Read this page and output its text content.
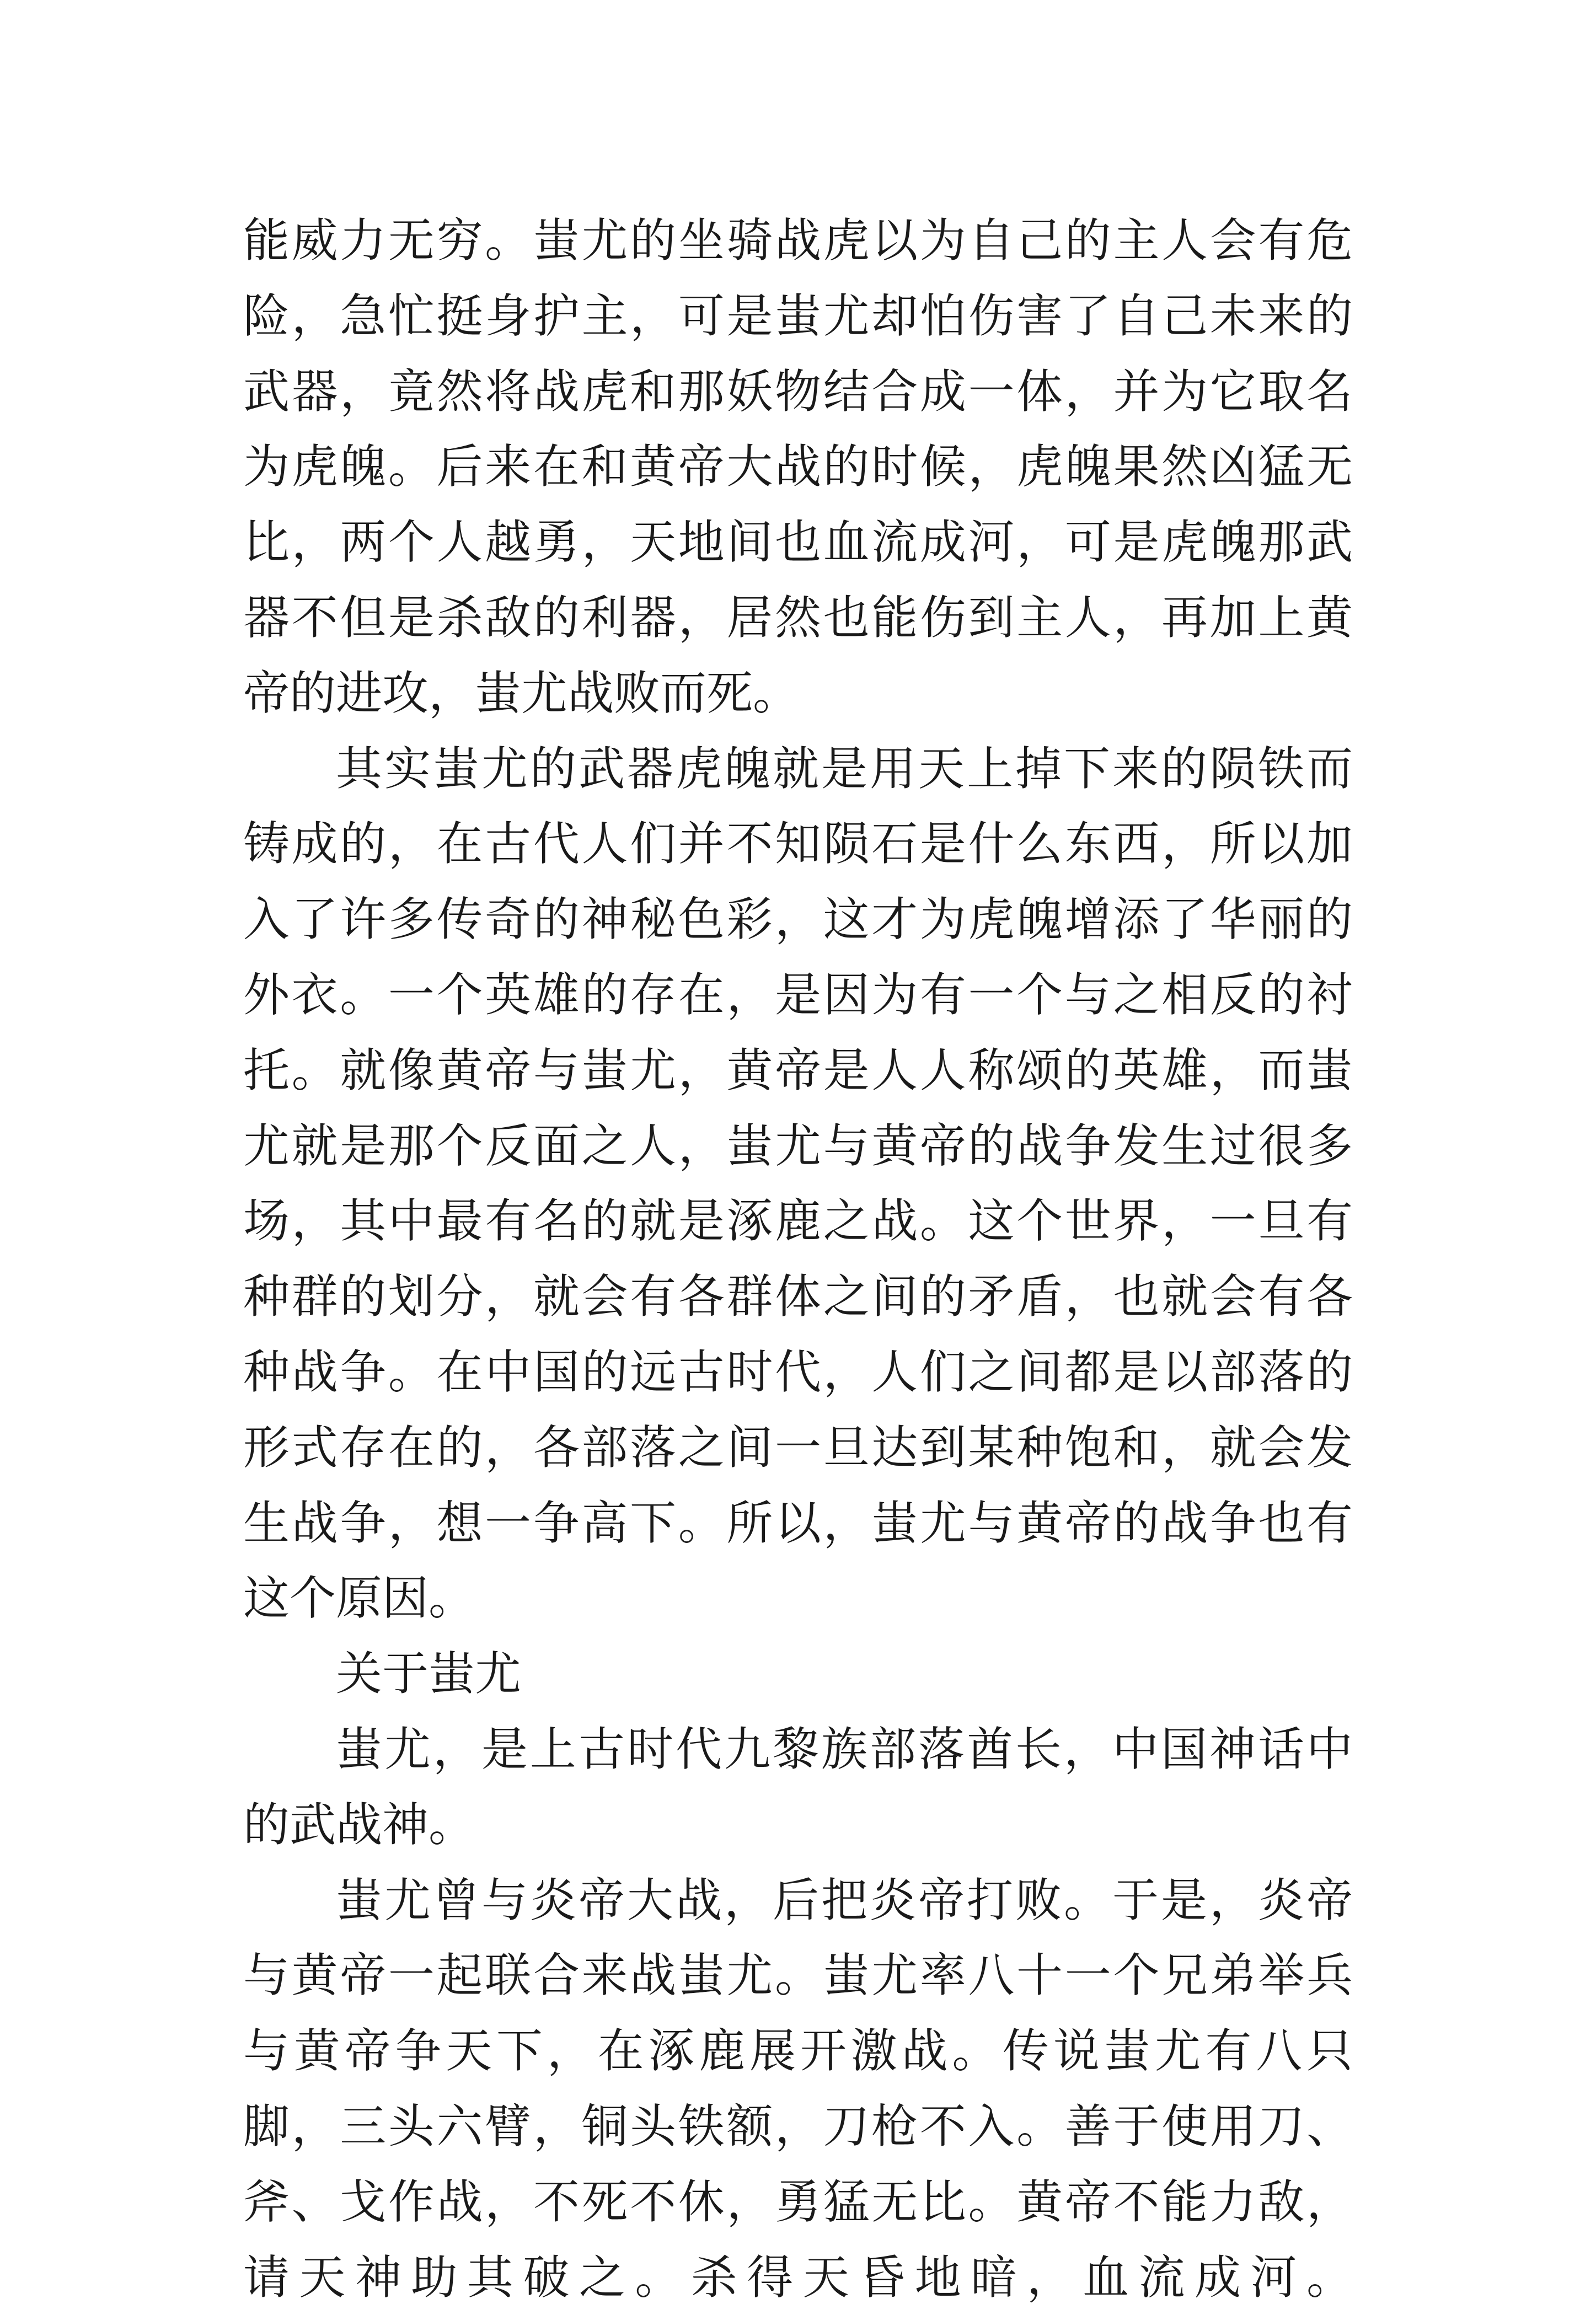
能威力无穷。蚩尤的坐骑战虎以为自己的主人会有危险，急忙挺身护主，可是蚩尤却怕伤害了自己未来的武器，竟然将战虎和那妖物结合成一体，并为它取名为虎魄。后来在和黄帝大战的时候，虎魄果然凶猛无比，两个人越勇，天地间也血流成河，可是虎魄那武器不但是杀敌的利器，居然也能伤到主人，再加上黄帝的进攻，蚩尤战败而死。

其实蚩尤的武器虎魄就是用天上掉下来的陨铁而铸成的，在古代人们并不知陨石是什么东西，所以加入了许多传奇的神秘色彩，这才为虎魄增添了华丽的外衣。一个英雄的存在，是因为有一个与之相反的衬托。就像黄帝与蚩尤，黄帝是人人称颂的英雄，而蚩尤就是那个反面之人，蚩尤与黄帝的战争发生过很多场，其中最有名的就是涿鹿之战。这个世界，一旦有种群的划分，就会有各群体之间的矛盾，也就会有各种战争。在中国的远古时代，人们之间都是以部落的形式存在的，各部落之间一旦达到某种饱和，就会发生战争，想一争高下。所以，蚩尤与黄帝的战争也有这个原因。

关于蚩尤

蚩尤，是上古时代九黎族部落酋长，中国神话中的武战神。

蚩尤曾与炎帝大战，后把炎帝打败。于是，炎帝与黄帝一起联合来战蚩尤。蚩尤率八十一个兄弟举兵与黄帝争天下，在涿鹿展开激战。传说蚩尤有八只脚，三头六臂，铜头铁额，刀枪不入。善于使用刀、斧、戈作战，不死不休，勇猛无比。黄帝不能力敌，请天神助其破之。杀得天昏地暗，血流成河。
